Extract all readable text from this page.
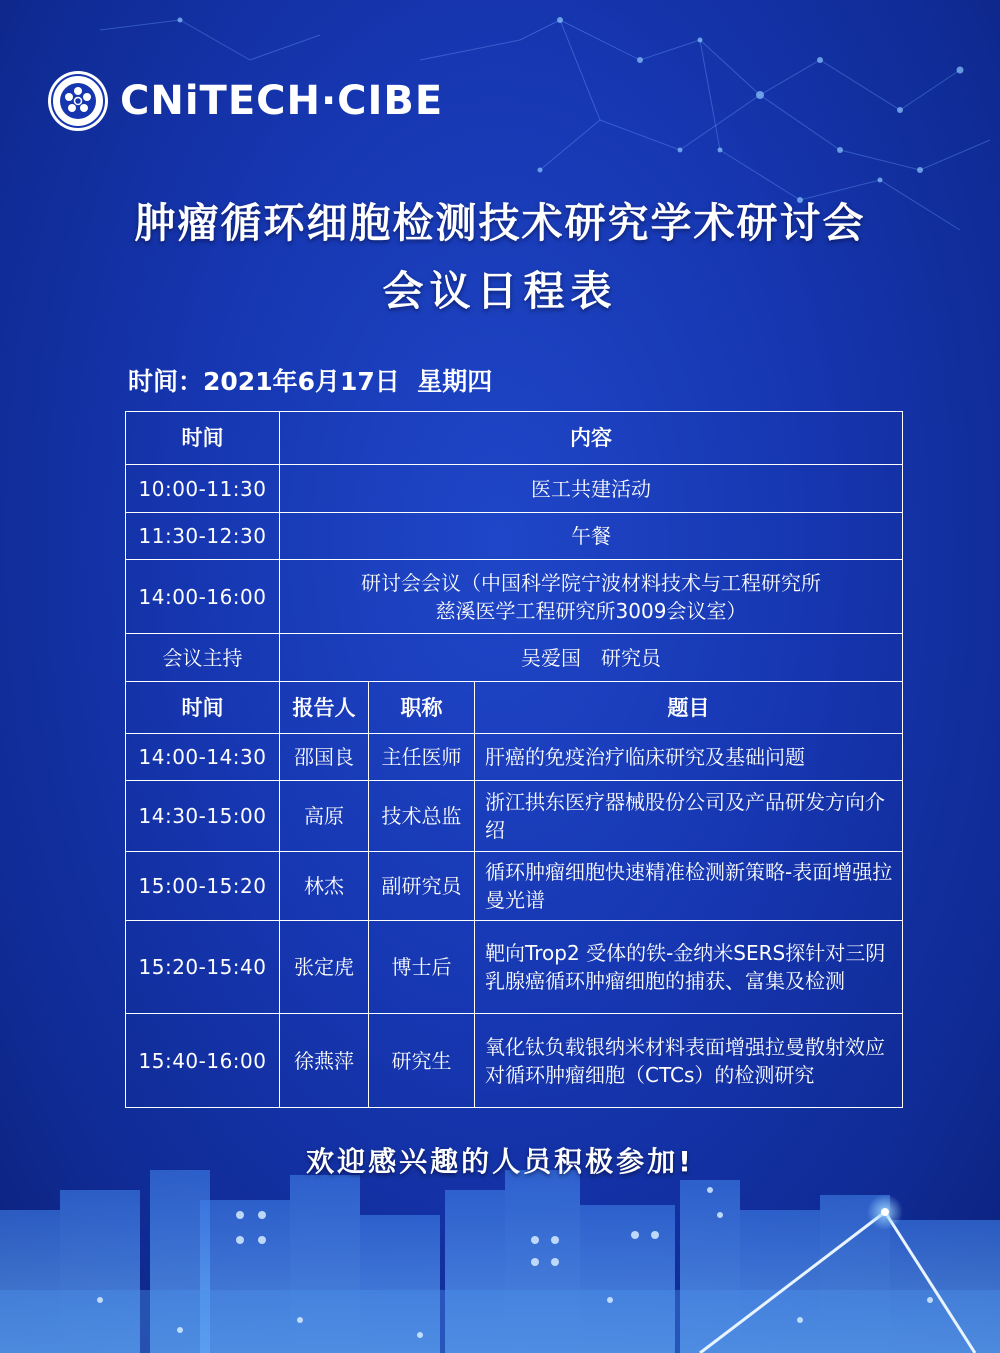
CNiTECH·CIBE
肿瘤循环细胞检测技术研究学术研讨会
会议日程表
时间：2021年6月17日 星期四
时间	内容		
10:00-11:30	医工共建活动		
11:30-12:30	午餐		
14:00-16:00	研讨会会议（中国科学院宁波材料技术与工程研究所
慈溪医学工程研究所3009会议室）		

会议主持	吴爱国　研究员		
时间	报告人	职称	题目
14:00-14:30	邵国良	主任医师	肝癌的免疫治疗临床研究及基础问题
14:30-15:00	高原	技术总监	浙江拱东医疗器械股份公司及产品研发方向介绍
15:00-15:20	林杰	副研究员	循环肿瘤细胞快速精准检测新策略-表面增强拉曼光谱
15:20-15:40	张定虎	博士后	靶向Trop2 受体的铁-金纳米SERS探针对三阴乳腺癌循环肿瘤细胞的捕获、富集及检测
15:40-16:00	徐燕萍	研究生	氧化钛负载银纳米材料表面增强拉曼散射效应对循环肿瘤细胞（CTCs）的检测研究
欢迎感兴趣的人员积极参加!
